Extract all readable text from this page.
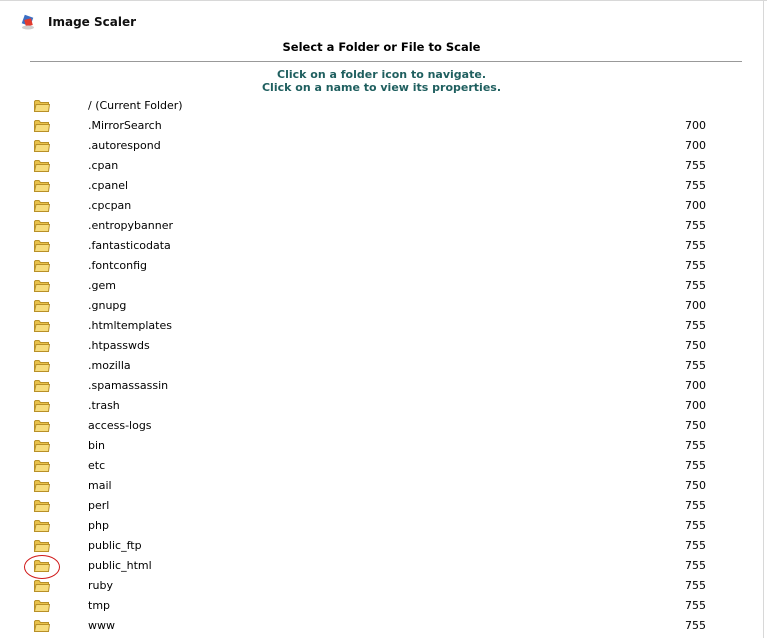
Image Scaler
Select a Folder or File to Scale
Click on a folder icon to navigate.
Click on a name to view its properties.
/ (Current Folder)
.MirrorSearch	700
.autorespond	700
.cpan	755
.cpanel	755
.cpcpan	700
.entropybanner	755
.fantasticodata	755
.fontconfig	755
.gem	755
.gnupg	700
.htmltemplates	755
.htpasswds	750
.mozilla	755
.spamassassin	700
.trash	700
access-logs	750
bin	755
etc	755
mail	750
perl	755
php	755
public_ftp	755
public_html	755
ruby	755
tmp	755
www	755
